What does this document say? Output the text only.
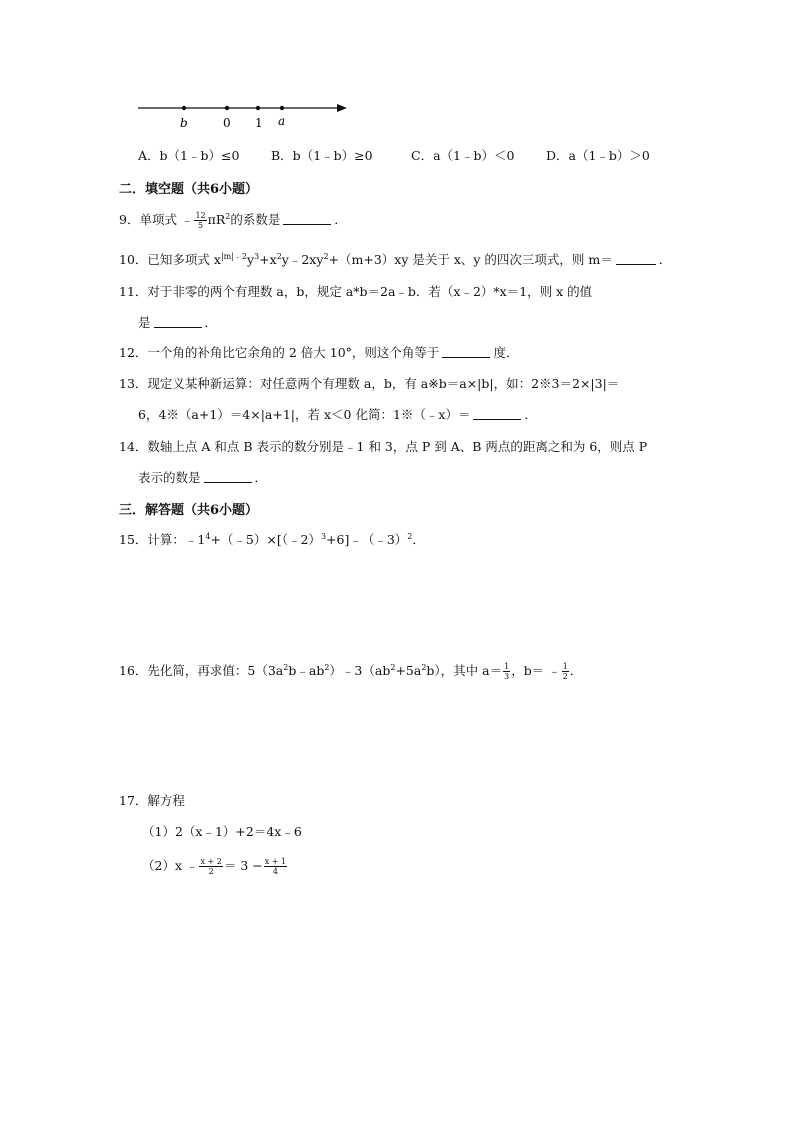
b	0 1 a
A．b（1﹣b）≤0	B．b（1﹣b）≥0	C．a（1﹣b）＜0	D．a（1﹣b）＞0
二．填空题（共6小题）
9．单项式 ﹣ $\frac{12}{5} \pi R^2$的系数是	．
10．已知多项式 $x^{|m|﹣2}y^3+x^2y﹣2xy^2+(m+3)xy$ 是关于 x、y 的四次三项式，则 m＝	．
11．对于非零的两个有理数 a，b，规定 a*b＝2a﹣b．若（x﹣2）*x＝1，则 x 的值
是	．
12．一个角的补角比它余角的 2 倍大 10°，则这个角等于	度．
13．现定义某种新运算：对任意两个有理数 a，b，有 a※b＝a×|b|，如：2※3＝2×|3|＝
6，4※（a+1）＝4×|a+1|，若 x＜0 化简：1※（﹣x）＝	．
14．数轴上点 A 和点 B 表示的数分别是﹣1 和 3，点 P 到 A、B 两点的距离之和为 6，则点 P
表示的数是	．
三．解答题（共6小题）
15．计算：$﹣1^4+(﹣5)\times[(﹣2)^3+6]﹣(﹣3)^2$．
16．先化简，再求值：$5(3a^2b﹣ab^2)﹣3(ab^2+5a^2b)$，其中 $a= \frac{1}{3}$ ，b＝ ﹣ $\frac{1}{2}$ ．
17．解方程
（1）2（x﹣1）+2＝4x﹣6
（2）x ﹣ $\frac{x + 2}{2} = 3 - \frac{x + 1}{4}$
